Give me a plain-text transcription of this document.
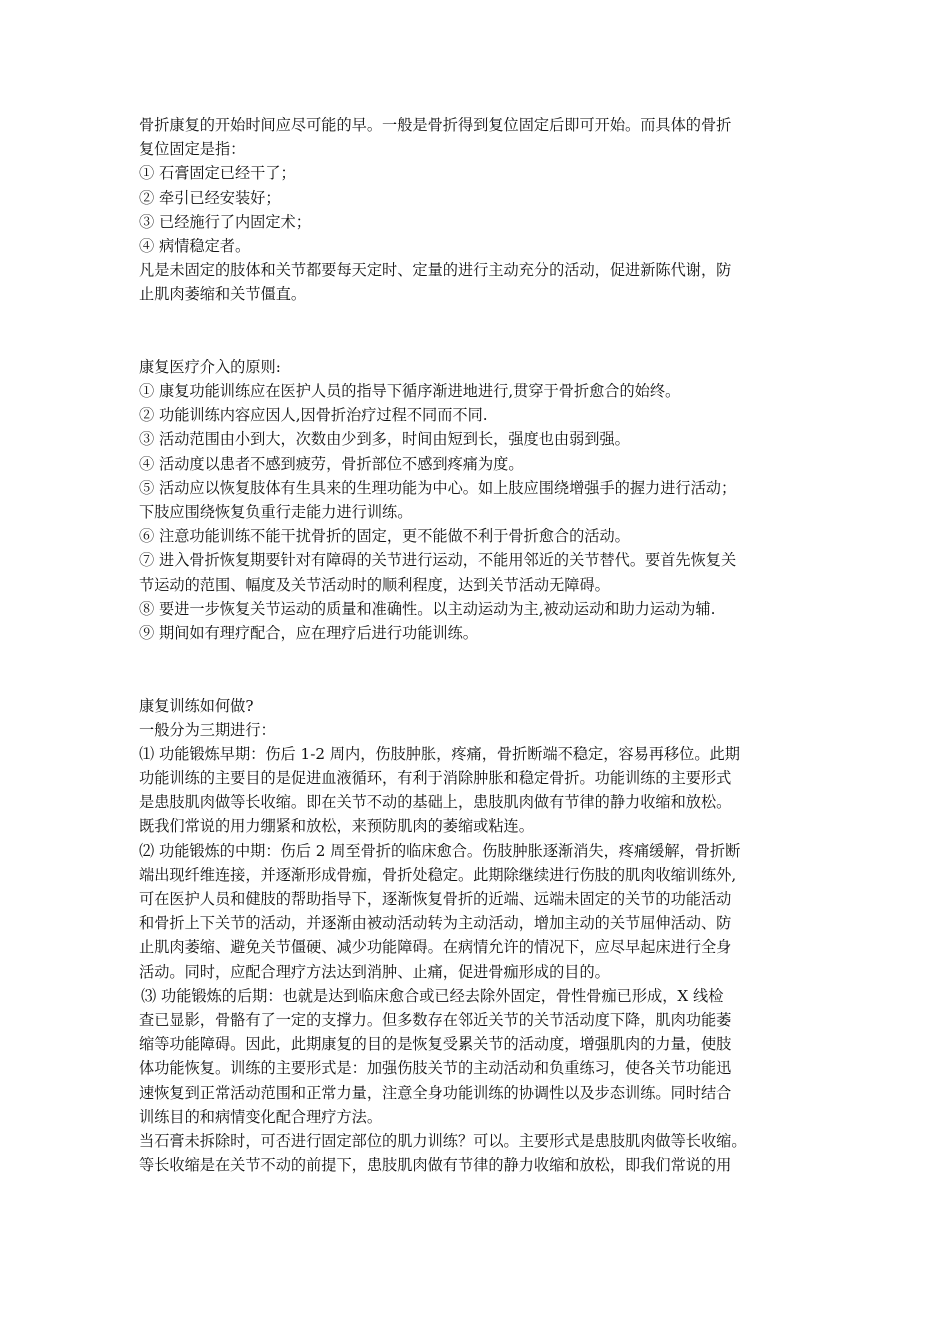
骨折康复的开始时间应尽可能的早。一般是骨折得到复位固定后即可开始。而具体的骨折
复位固定是指：
① 石膏固定已经干了；
② 牵引已经安装好；
③ 已经施行了内固定术；
④ 病情稳定者。
凡是未固定的肢体和关节都要每天定时、定量的进行主动充分的活动，促进新陈代谢，防
止肌肉萎缩和关节僵直。
康复医疗介入的原则:
① 康复功能训练应在医护人员的指导下循序渐进地进行,贯穿于骨折愈合的始终。
② 功能训练内容应因人,因骨折治疗过程不同而不同.
③ 活动范围由小到大，次数由少到多，时间由短到长，强度也由弱到强。
④ 活动度以患者不感到疲劳，骨折部位不感到疼痛为度。
⑤ 活动应以恢复肢体有生具来的生理功能为中心。如上肢应围绕增强手的握力进行活动；
下肢应围绕恢复负重行走能力进行训练。
⑥ 注意功能训练不能干扰骨折的固定，更不能做不利于骨折愈合的活动。
⑦ 进入骨折恢复期要针对有障碍的关节进行运动，不能用邻近的关节替代。要首先恢复关
节运动的范围、幅度及关节活动时的顺利程度，达到关节活动无障碍。
⑧ 要进一步恢复关节运动的质量和准确性。以主动运动为主,被动运动和助力运动为辅.
⑨ 期间如有理疗配合，应在理疗后进行功能训练。
康复训练如何做?
一般分为三期进行：
⑴ 功能锻炼早期：伤后 1-2 周内，伤肢肿胀，疼痛，骨折断端不稳定，容易再移位。此期
功能训练的主要目的是促进血液循环，有利于消除肿胀和稳定骨折。功能训练的主要形式
是患肢肌肉做等长收缩。即在关节不动的基础上，患肢肌肉做有节律的静力收缩和放松。
既我们常说的用力绷紧和放松，来预防肌肉的萎缩或粘连。
⑵ 功能锻炼的中期：伤后 2 周至骨折的临床愈合。伤肢肿胀逐渐消失，疼痛缓解，骨折断
端出现纤维连接，并逐渐形成骨痂，骨折处稳定。此期除继续进行伤肢的肌肉收缩训练外,
可在医护人员和健肢的帮助指导下，逐渐恢复骨折的近端、远端未固定的关节的功能活动
和骨折上下关节的活动，并逐渐由被动活动转为主动活动，增加主动的关节屈伸活动、防
止肌肉萎缩、避免关节僵硬、减少功能障碍。在病情允许的情况下，应尽早起床进行全身
活动。同时，应配合理疗方法达到消肿、止痛，促进骨痂形成的目的。
⑶ 功能锻炼的后期：也就是达到临床愈合或已经去除外固定，骨性骨痂已形成，X 线检
查已显影，骨骼有了一定的支撑力。但多数存在邻近关节的关节活动度下降，肌肉功能萎
缩等功能障碍。因此，此期康复的目的是恢复受累关节的活动度，增强肌肉的力量，使肢
体功能恢复。训练的主要形式是：加强伤肢关节的主动活动和负重练习，使各关节功能迅
速恢复到正常活动范围和正常力量，注意全身功能训练的协调性以及步态训练。同时结合
训练目的和病情变化配合理疗方法。
当石膏未拆除时，可否进行固定部位的肌力训练？可以。主要形式是患肢肌肉做等长收缩。
等长收缩是在关节不动的前提下，患肢肌肉做有节律的静力收缩和放松，即我们常说的用
